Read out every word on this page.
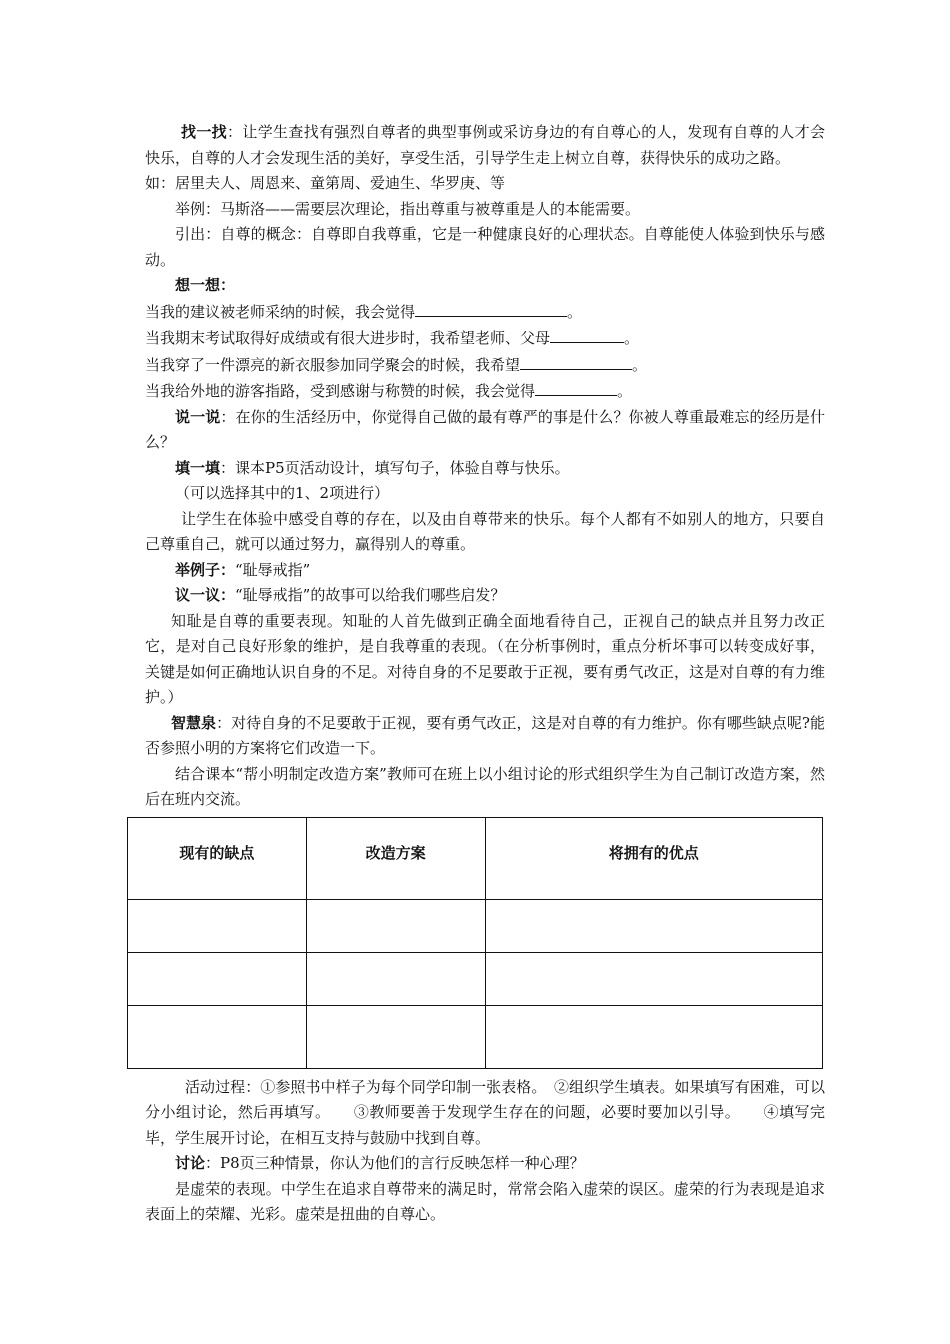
找一找：让学生查找有强烈自尊者的典型事例或采访身边的有自尊心的人，发现有自尊的人才会快乐，自尊的人才会发现生活的美好，享受生活，引导学生走上树立自尊，获得快乐的成功之路。

如：居里夫人、周恩来、童第周、爱迪生、华罗庚、等

举例：马斯洛——需要层次理论，指出尊重与被尊重是人的本能需要。

引出：自尊的概念：自尊即自我尊重，它是一种健康良好的心理状态。自尊能使人体验到快乐与感动。

想一想：

当我的建议被老师采纳的时候，我会觉得	。

当我期末考试取得好成绩或有很大进步时，我希望老师、父母	。

当我穿了一件漂亮的新衣服参加同学聚会的时候，我希望	。

当我给外地的游客指路，受到感谢与称赞的时候，我会觉得	。

说一说：在你的生活经历中，你觉得自己做的最有尊严的事是什么？你被人尊重最难忘的经历是什么？

填一填：课本P5页活动设计，填写句子，体验自尊与快乐。

（可以选择其中的1、2项进行）

让学生在体验中感受自尊的存在，以及由自尊带来的快乐。每个人都有不如别人的地方，只要自己尊重自己，就可以通过努力，赢得别人的尊重。

举例子：“耻辱戒指”

议一议：“耻辱戒指”的故事可以给我们哪些启发？

知耻是自尊的重要表现。知耻的人首先做到正确全面地看待自己，正视自己的缺点并且努力改正它，是对自己良好形象的维护，是自我尊重的表现。（在分析事例时，重点分析坏事可以转变成好事，关键是如何正确地认识自身的不足。对待自身的不足要敢于正视，要有勇气改正，这是对自尊的有力维护。）

智慧泉：对待自身的不足要敢于正视，要有勇气改正，这是对自尊的有力维护。你有哪些缺点呢?能否参照小明的方案将它们改造一下。

结合课本“帮小明制定改造方案”教师可在班上以小组讨论的形式组织学生为自己制订改造方案，然后在班内交流。

现有的缺点	改造方案	将拥有的优点

活动过程：①参照书中样子为每个同学印制一张表格。　②组织学生填表。如果填写有困难，可以分小组讨论，然后再填写。　　③教师要善于发现学生存在的问题，必要时要加以引导。　　④填写完毕，学生展开讨论，在相互支持与鼓励中找到自尊。

讨论：P8页三种情景，你认为他们的言行反映怎样一种心理？

是虚荣的表现。中学生在追求自尊带来的满足时，常常会陷入虚荣的误区。虚荣的行为表现是追求表面上的荣耀、光彩。虚荣是扭曲的自尊心。
